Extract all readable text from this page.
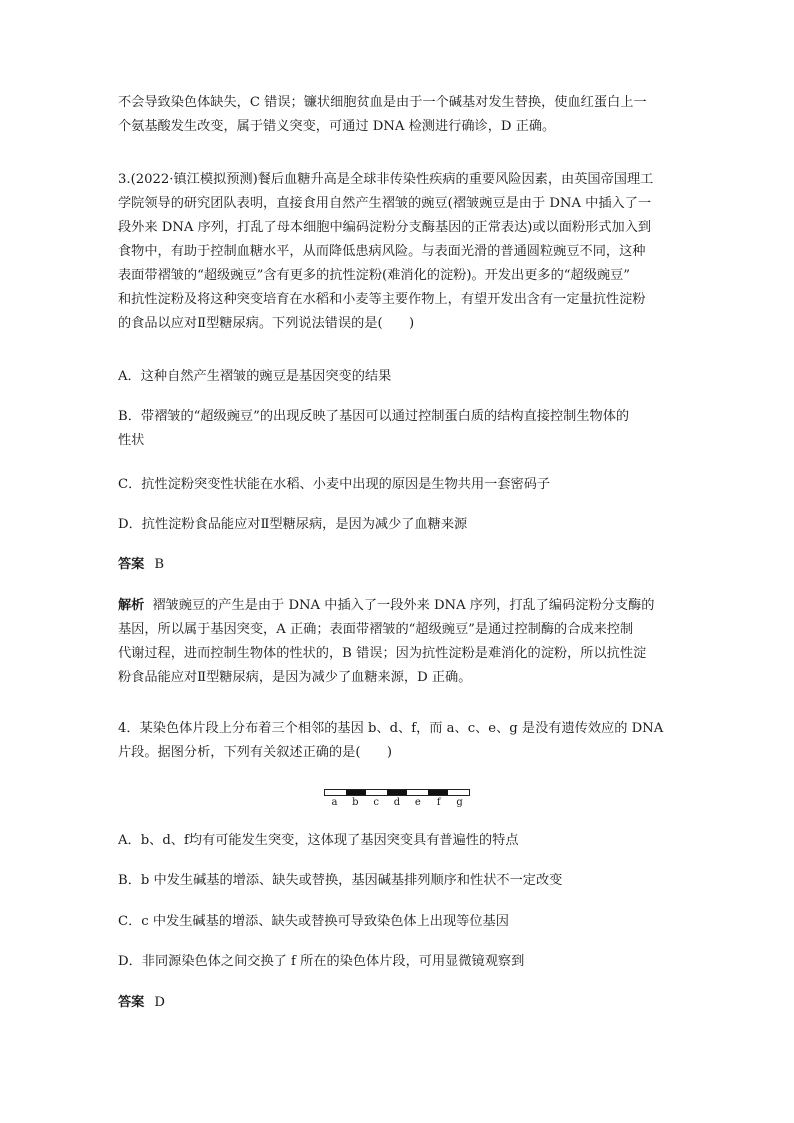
不会导致染色体缺失，C 错误；镰状细胞贫血是由于一个碱基对发生替换，使血红蛋白上一
个氨基酸发生改变，属于错义突变，可通过 DNA 检测进行确诊，D 正确。
3.(2022·镇江模拟预测)餐后血糖升高是全球非传染性疾病的重要风险因素，由英国帝国理工
学院领导的研究团队表明，直接食用自然产生褶皱的豌豆(褶皱豌豆是由于 DNA 中插入了一
段外来 DNA 序列，打乱了母本细胞中编码淀粉分支酶基因的正常表达)或以面粉形式加入到
食物中，有助于控制血糖水平，从而降低患病风险。与表面光滑的普通圆粒豌豆不同，这种
表面带褶皱的“超级豌豆”含有更多的抗性淀粉(难消化的淀粉)。开发出更多的“超级豌豆”
和抗性淀粉及将这种突变培育在水稻和小麦等主要作物上，有望开发出含有一定量抗性淀粉
的食品以应对Ⅱ型糖尿病。下列说法错误的是(　　)
A．这种自然产生褶皱的豌豆是基因突变的结果
B．带褶皱的“超级豌豆”的出现反映了基因可以通过控制蛋白质的结构直接控制生物体的
性状
C．抗性淀粉突变性状能在水稻、小麦中出现的原因是生物共用一套密码子
D．抗性淀粉食品能应对Ⅱ型糖尿病，是因为减少了血糖来源
答案 B
解析 褶皱豌豆的产生是由于 DNA 中插入了一段外来 DNA 序列，打乱了编码淀粉分支酶的
基因，所以属于基因突变，A 正确；表面带褶皱的“超级豌豆”是通过控制酶的合成来控制
代谢过程，进而控制生物体的性状的，B 错误；因为抗性淀粉是难消化的淀粉，所以抗性淀
粉食品能应对Ⅱ型糖尿病，是因为减少了血糖来源，D 正确。
4．某染色体片段上分布着三个相邻的基因 b、d、f，而 a、c、e、g 是没有遗传效应的 DNA
片段。据图分析，下列有关叙述正确的是(　　)
a	b	c	d	e	f	g
A．b、d、f均有可能发生突变，这体现了基因突变具有普遍性的特点
B．b 中发生碱基的增添、缺失或替换，基因碱基排列顺序和性状不一定改变
C．c 中发生碱基的增添、缺失或替换可导致染色体上出现等位基因
D．非同源染色体之间交换了 f 所在的染色体片段，可用显微镜观察到
答案 D
